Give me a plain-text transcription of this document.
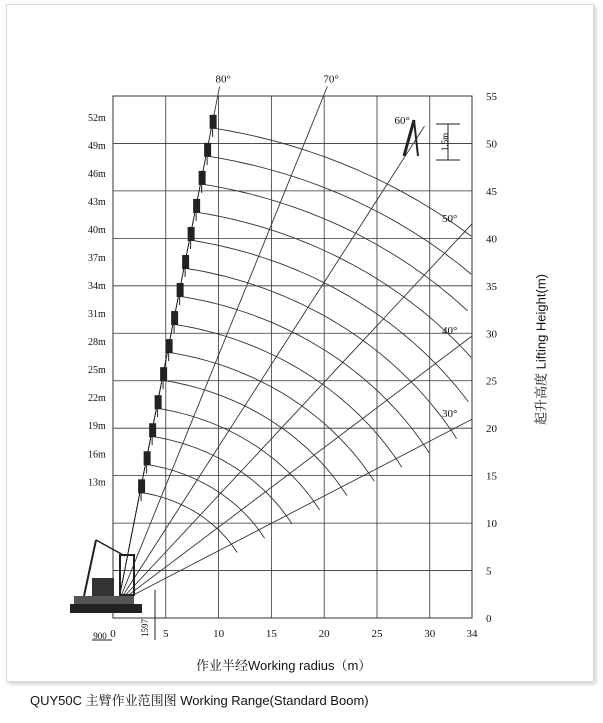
80°	70°
60°
50°
40°
30°
1.5m
0	5	10	15	20	25	30	34
0
5
10
15
20
25
30
35
40
45
50
55
52m
49m
46m
43m
40m
37m
34m
31m
28m
25m
22m
19m
16m
13m
900	1597
作业半经Working radius（m）
起升高度 Lifting Height(m)
QUY50C 主臂作业范围图 Working Range(Standard Boom)
